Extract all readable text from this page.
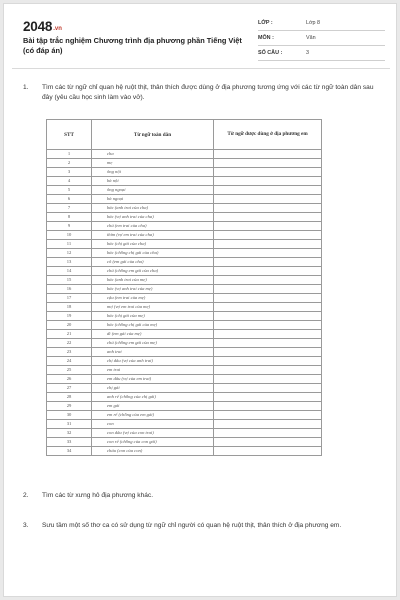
2048.vn
Bài tập trắc nghiệm Chương trình địa phương phần Tiếng Việt (có đáp án)
LỚP :	Lớp 8
MÔN :	Văn
SỐ CÂU :	3
1. Tìm các từ ngữ chỉ quan hệ ruột thịt, thân thích được dùng ở địa phương tương ứng với các từ ngữ toàn dân sau đây (yêu cầu học sinh làm vào vở).
STT	Từ ngữ toàn dân	Từ ngữ được dùng ở địa phương em
1	cha	
2	mẹ	
3	ông nội	
4	bà nội	
5	ông ngoại	
6	bà ngoại	
7	bác (anh trai của cha)	
8	bác (vợ anh trai của cha)	
9	chú (em trai của cha)	
10	thím (vợ em trai của cha)	
11	bác (chị gái của cha)	
12	bác (chồng chị gái của cha)	
13	cô (em gái của cha)	
14	chú (chồng em gái của cha)	
15	bác (anh trai của mẹ)	
16	bác (vợ anh trai của mẹ)	
17	cậu (em trai của mẹ)	
18	mợ (vợ em trai của mẹ)	
19	bác (chị gái của mẹ)	
20	bác (chồng chị gái của mẹ)	
21	dì (em gái của mẹ)	
22	chú (chồng em gái của mẹ)	
23	anh trai	
24	chị dâu (vợ của anh trai)	
25	em trai	
26	em dâu (vợ của em trai)	
27	chị gái	
28	anh rể (chồng của chị gái)	
29	em gái	
30	em rể (chồng của em gái)	
31	con	
32	con dâu (vợ của con trai)	
33	con rể (chồng của con gái)	
34	cháu (con của con)	
2. Tìm các từ xưng hô địa phương khác.
3. Sưu tầm một số thơ ca có sử dụng từ ngữ chỉ người có quan hệ ruột thịt, thân thích ở địa phương em.
